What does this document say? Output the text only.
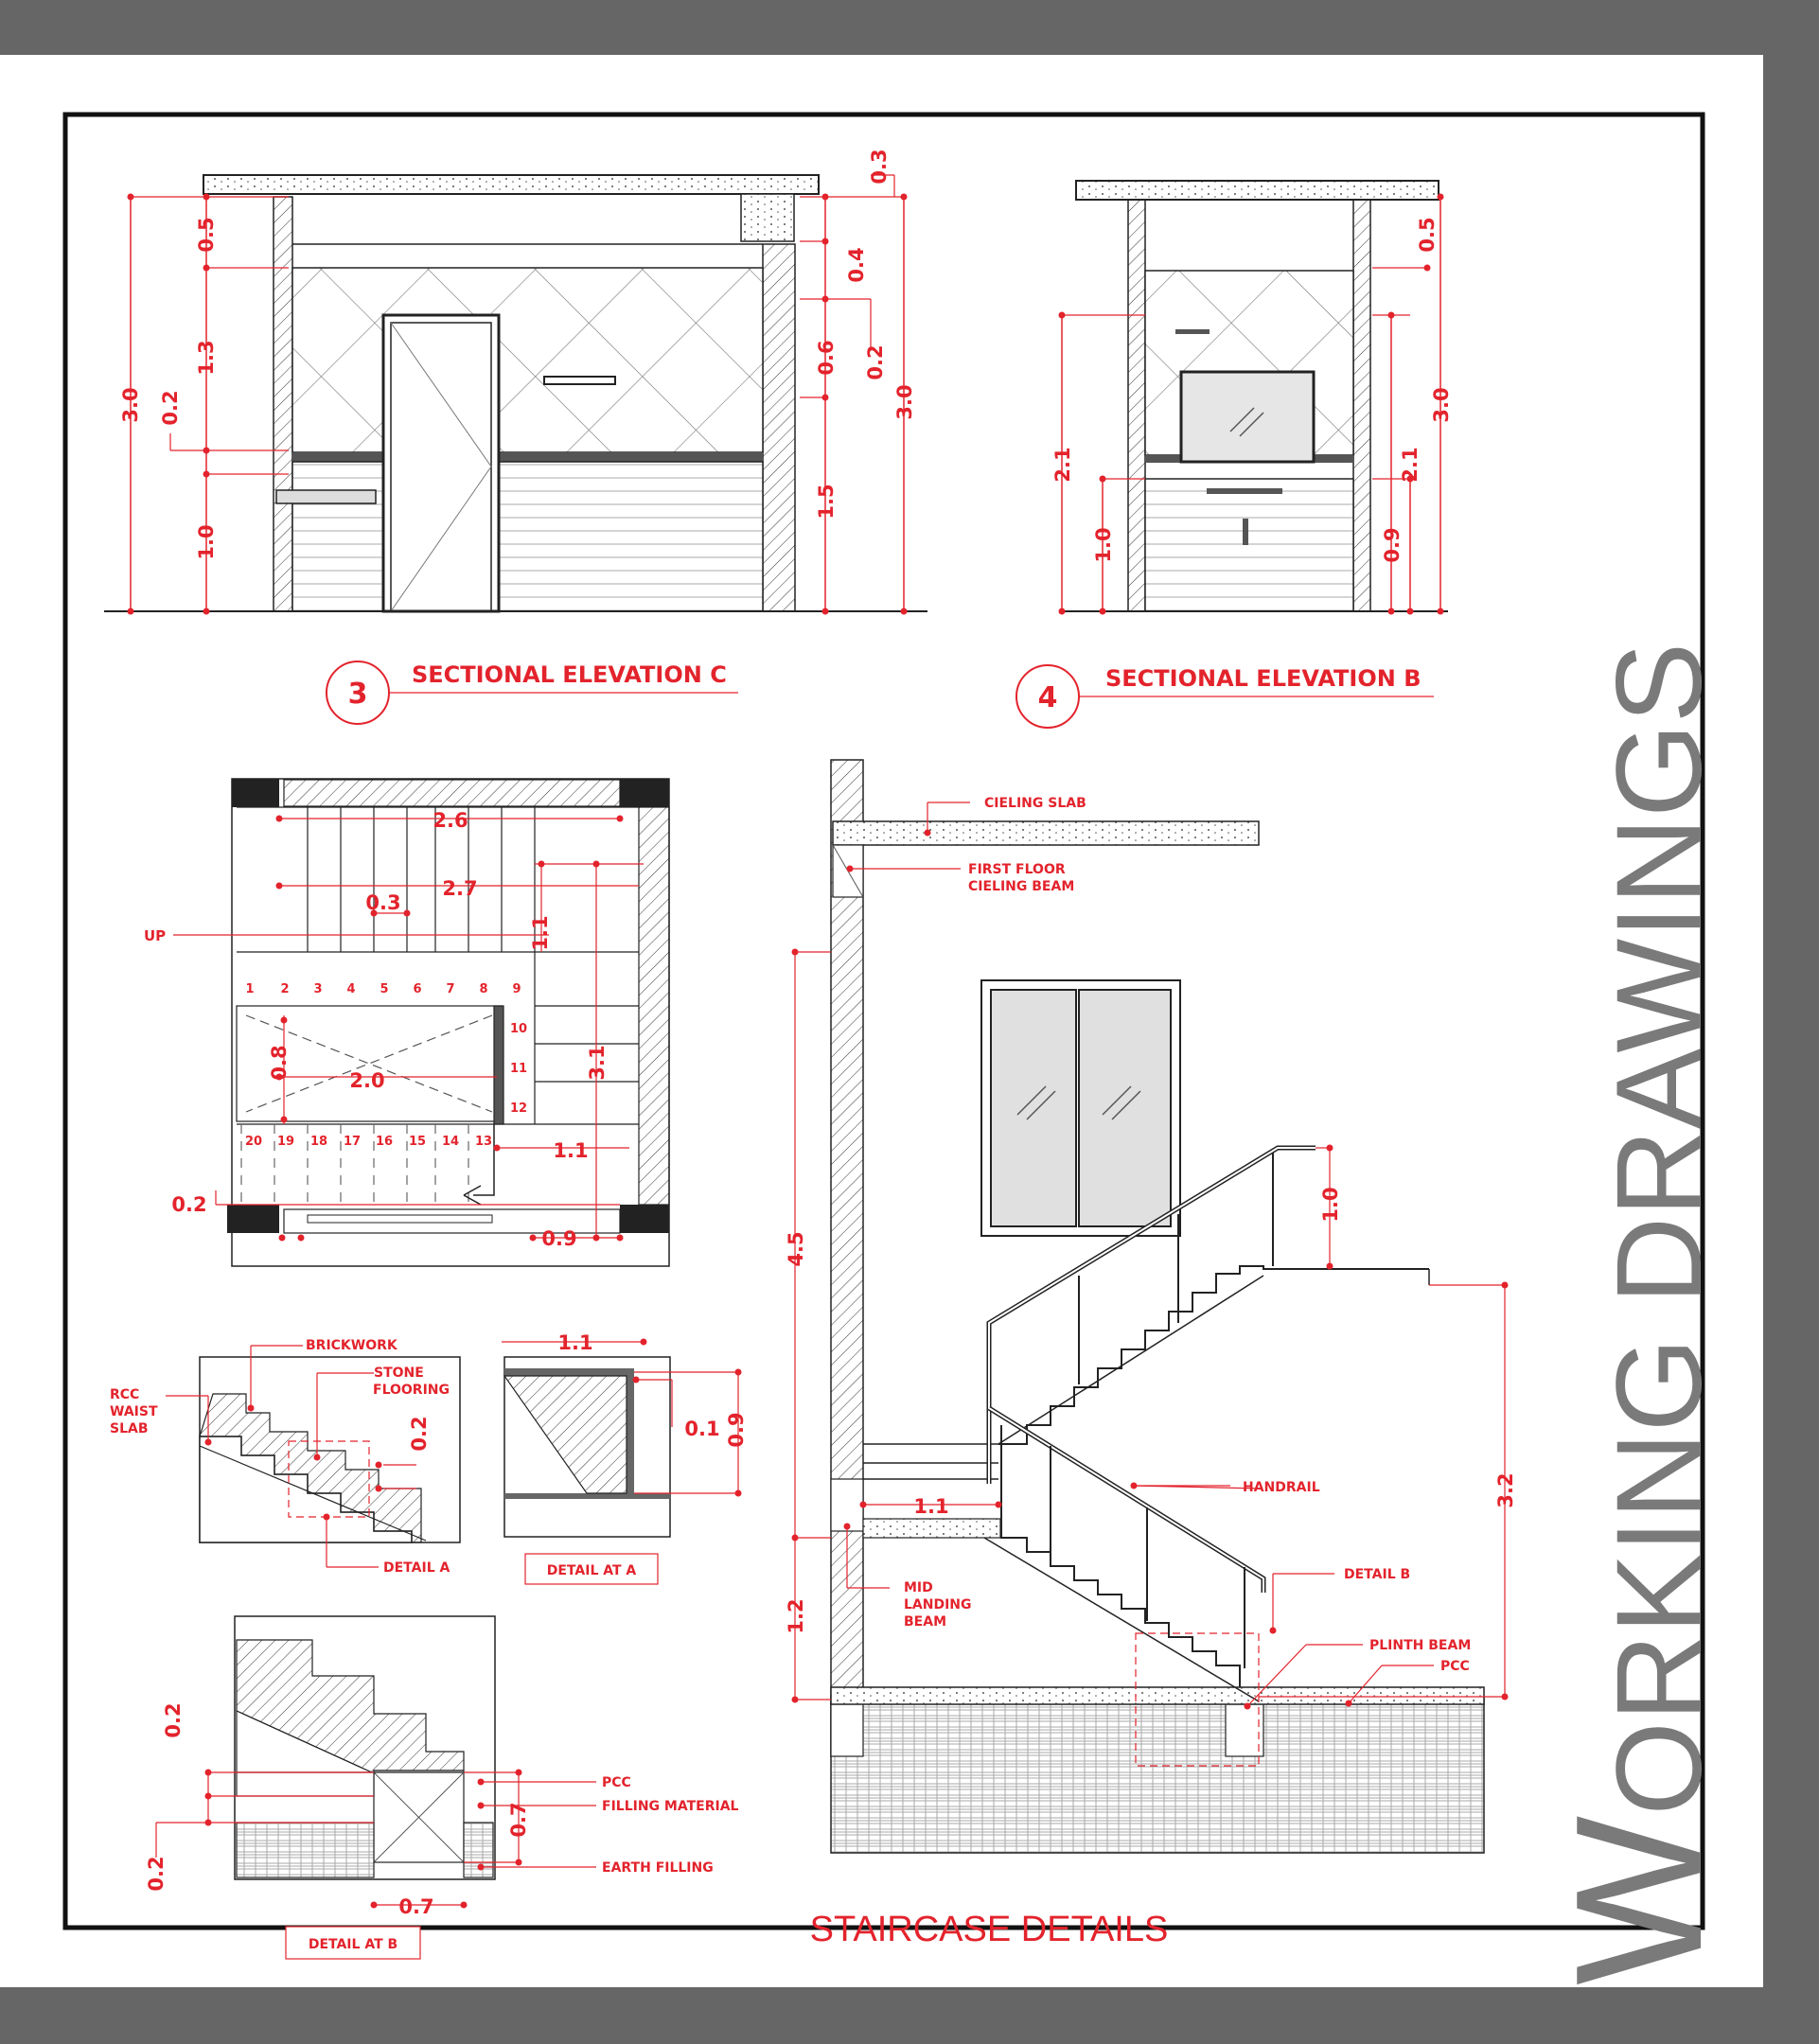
0.5
1.3
3.0 0.2
1.0
0.3
0.4
0.6 0.2
3.0
1.5
3
SECTIONAL ELEVATION C
0.5
2.1
3.0
2.1
1.0	0.9
4
SECTIONAL ELEVATION B
UP
2.6
2.7
0.3
1.1
0.8
2.0
3.1
1.1
0.2
0.9
1 2 3 4 5 6 7 8 9
10
11
12
20 19 18 17 16 15 14 13
BRICKWORK
STONE
FLOORING
RCC
WAIST
SLAB	0.2
DETAIL A
1.1
0.1 0.9
DETAIL AT A
PCC
FILLING MATERIAL
EARTH FILLING
0.2
0.2
0.7
0.7
DETAIL AT B
CIELING SLAB
FIRST FLOOR
CIELING BEAM
HANDRAIL
MID
LANDING
BEAM
DETAIL B
PLINTH BEAM
PCC
4.5
1.2
1.0
1.1	3.2
STAIRCASE DETAILS WORKING DRAWINGS
